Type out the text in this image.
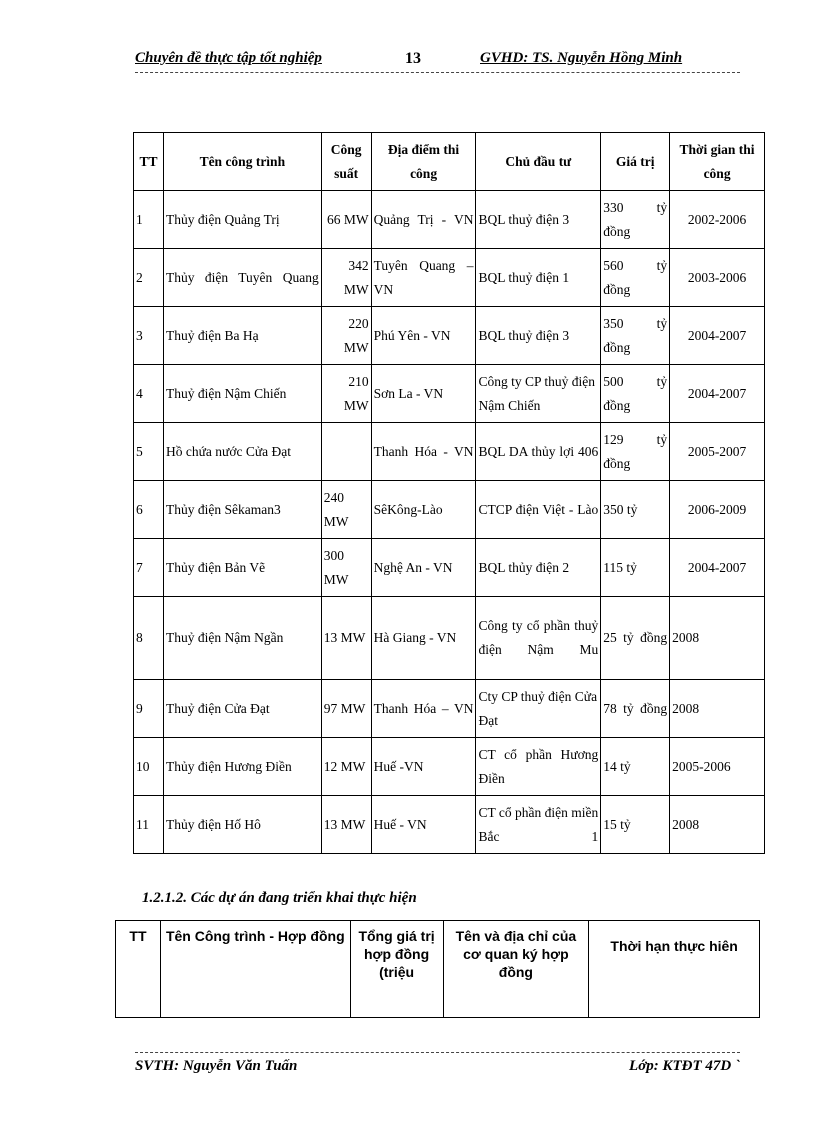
Chuyên đề thực tập tốt nghiệp	13	GVHD: TS. Nguyễn Hồng Minh
TT	Tên công trình	Công suất	Địa điểm thi công	Chủ đầu tư	Giá trị	Thời gian thi công
1	Thủy điện Quảng Trị	66 MW	Quảng Trị - VN	BQL thuỷ điện 3	330 tỷ đồng	2002-2006
2	Thủy điện Tuyên Quang	342 MW	Tuyên Quang – VN	BQL thuỷ điện 1	560 tỷ đồng	2003-2006
3	Thuỷ điện Ba Hạ	220 MW	Phú Yên - VN	BQL thuỷ điện 3	350 tỷ đồng	2004-2007
4	Thuỷ điện Nậm Chiến	210 MW	Sơn La - VN	Công ty CP thuỷ điện Nậm Chiến	500 tỷ đồng	2004-2007
5	Hồ chứa nước Cửa Đạt		Thanh Hóa - VN	BQL DA thủy lợi 406	129 tỷ đồng	2005-2007
6	Thủy điện Sêkaman3	240 MW	SêKông-Lào	CTCP điện Việt - Lào	350 tỷ	2006-2009
7	Thủy điện Bản Vẽ	300 MW	Nghệ An - VN	BQL thủy điện 2	115 tỷ	2004-2007
8	Thuỷ điện Nậm Ngần	13 MW	Hà Giang - VN	Công ty cổ phần thuỷ điện Nậm Mu	25 tỷ đồng	2008
9	Thuỷ điện Cửa Đạt	97 MW	Thanh Hóa – VN	Cty CP thuỷ điện Cửa Đạt	78 tỷ đồng	2008
10	Thủy điện Hương Điền	12 MW	Huế -VN	CT cổ phần Hương Điền	14 tỷ	2005-2006
11	Thủy điện Hố Hô	13 MW	Huế - VN	CT cổ phần điện miền Bắc 1	15 tỷ	2008
1.2.1.2. Các dự án đang triển khai thực hiện
TT	Tên Công trình - Hợp đồng	Tổng giá trị hợp đồng (triệu	Tên và địa chỉ của cơ quan ký hợp đồng	Thời hạn thực hiên
SVTH: Nguyễn Văn Tuấn	Lớp: KTĐT 47D `
